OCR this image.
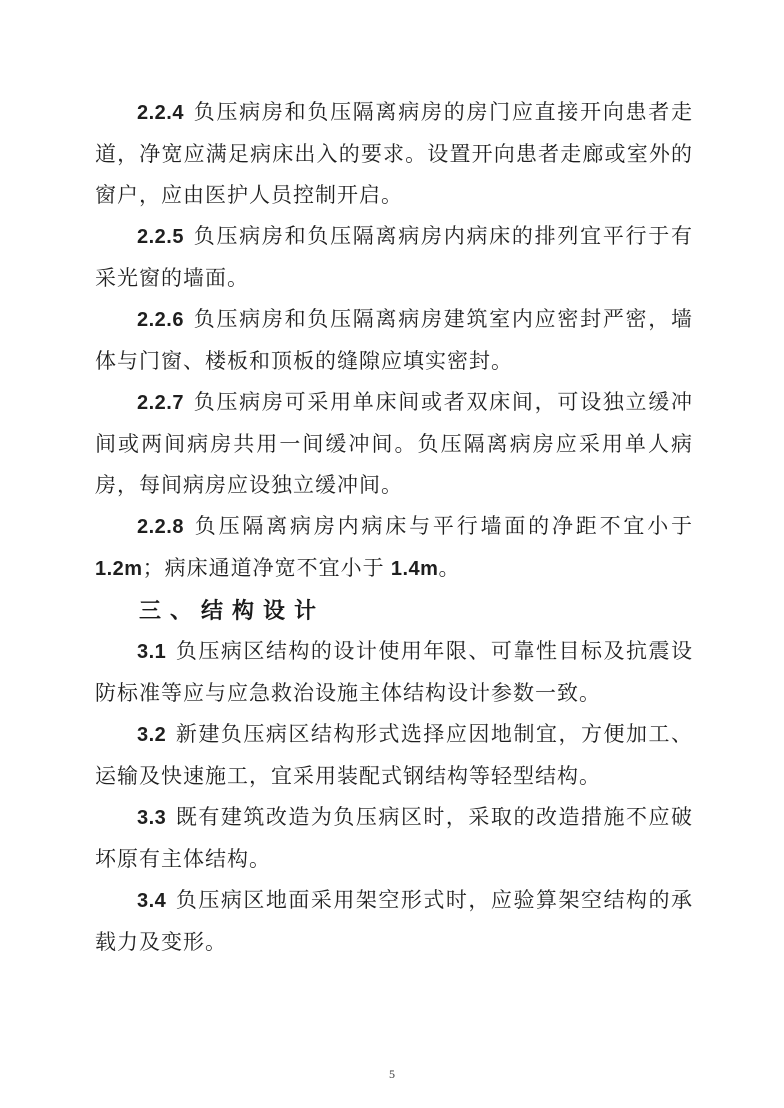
2.2.4 负压病房和负压隔离病房的房门应直接开向患者走道，净宽应满足病床出入的要求。设置开向患者走廊或室外的窗户，应由医护人员控制开启。

2.2.5 负压病房和负压隔离病房内病床的排列宜平行于有采光窗的墙面。

2.2.6 负压病房和负压隔离病房建筑室内应密封严密，墙体与门窗、楼板和顶板的缝隙应填实密封。

2.2.7 负压病房可采用单床间或者双床间，可设独立缓冲间或两间病房共用一间缓冲间。负压隔离病房应采用单人病房，每间病房应设独立缓冲间。

2.2.8 负压隔离病房内病床与平行墙面的净距不宜小于1.2m；病床通道净宽不宜小于 1.4m。

三、结构设计

3.1 负压病区结构的设计使用年限、可靠性目标及抗震设防标准等应与应急救治设施主体结构设计参数一致。

3.2 新建负压病区结构形式选择应因地制宜，方便加工、运输及快速施工，宜采用装配式钢结构等轻型结构。

3.3 既有建筑改造为负压病区时，采取的改造措施不应破坏原有主体结构。

3.4 负压病区地面采用架空形式时，应验算架空结构的承载力及变形。

5
